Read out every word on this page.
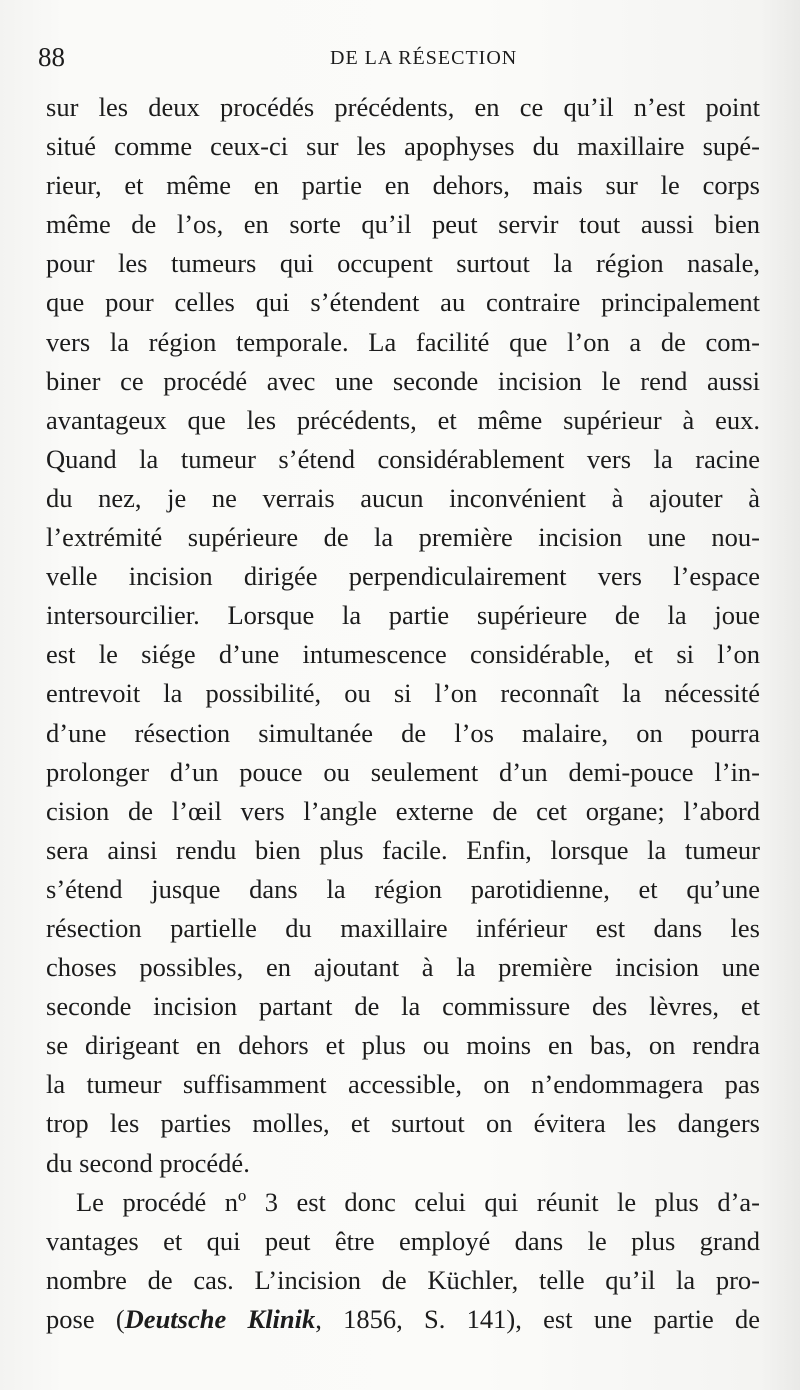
88	DE LA RÉSECTION
sur les deux procédés précédents, en ce qu’il n’est point
situé comme ceux-ci sur les apophyses du maxillaire supé-
rieur, et même en partie en dehors, mais sur le corps
même de l’os, en sorte qu’il peut servir tout aussi bien
pour les tumeurs qui occupent surtout la région nasale,
que pour celles qui s’étendent au contraire principalement
vers la région temporale. La facilité que l’on a de com-
biner ce procédé avec une seconde incision le rend aussi
avantageux que les précédents, et même supérieur à eux.
Quand la tumeur s’étend considérablement vers la racine
du nez, je ne verrais aucun inconvénient à ajouter à
l’extrémité supérieure de la première incision une nou-
velle incision dirigée perpendiculairement vers l’espace
intersourcilier. Lorsque la partie supérieure de la joue
est le siége d’une intumescence considérable, et si l’on
entrevoit la possibilité, ou si l’on reconnaît la nécessité
d’une résection simultanée de l’os malaire, on pourra
prolonger d’un pouce ou seulement d’un demi-pouce l’in-
cision de l’œil vers l’angle externe de cet organe; l’abord
sera ainsi rendu bien plus facile. Enfin, lorsque la tumeur
s’étend jusque dans la région parotidienne, et qu’une
résection partielle du maxillaire inférieur est dans les
choses possibles, en ajoutant à la première incision une
seconde incision partant de la commissure des lèvres, et
se dirigeant en dehors et plus ou moins en bas, on rendra
la tumeur suffisamment accessible, on n’endommagera pas
trop les parties molles, et surtout on évitera les dangers
du second procédé.
Le procédé nº 3 est donc celui qui réunit le plus d’a-
vantages et qui peut être employé dans le plus grand
nombre de cas. L’incision de Küchler, telle qu’il la pro-
pose (Deutsche Klinik, 1856, S. 141), est une partie de
